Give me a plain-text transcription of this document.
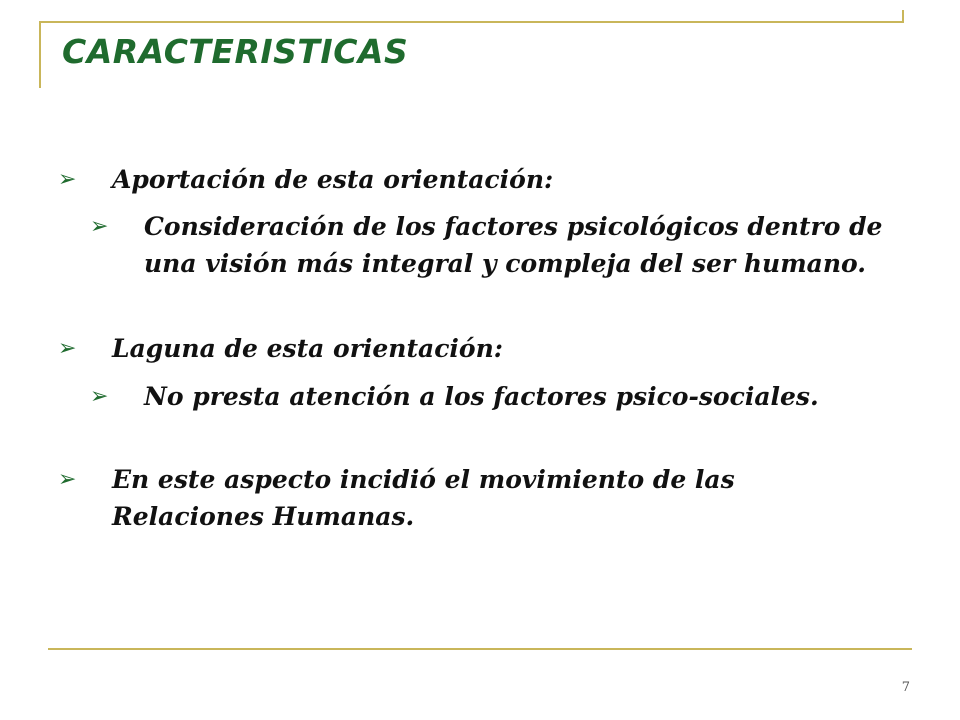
CARACTERISTICAS
➢ Aportación de esta orientación:
➢ Consideración de los factores psicológicos dentro de una visión más integral y compleja del ser humano.
➢ Laguna de esta orientación:
➢ No presta atención a los factores psico-sociales.
➢ En este aspecto incidió el movimiento de las Relaciones Humanas.
7
